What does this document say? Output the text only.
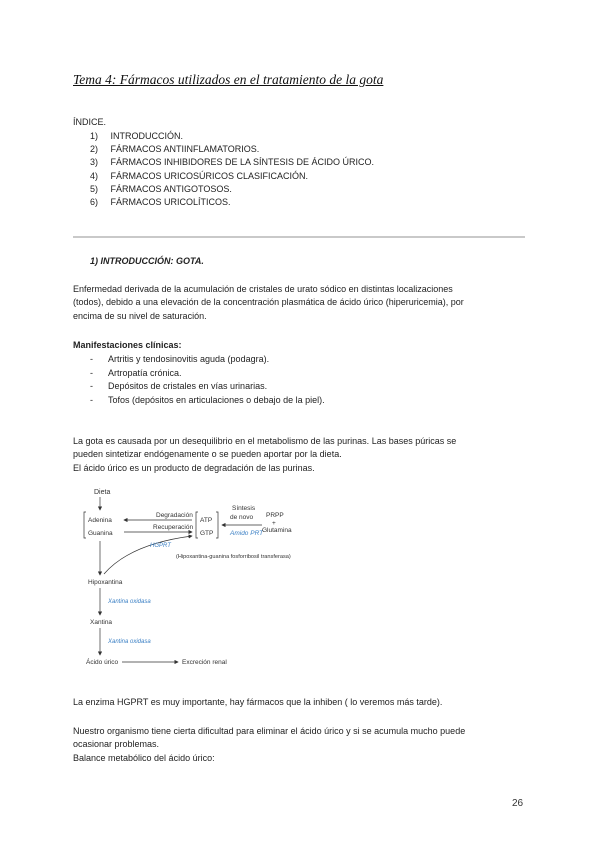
Tema 4: Fármacos utilizados en el tratamiento de la gota
ÍNDICE.
1) INTRODUCCIÓN.
2) FÁRMACOS ANTIINFLAMATORIOS.
3) FÁRMACOS INHIBIDORES DE LA SÍNTESIS DE ÁCIDO ÚRICO.
4) FÁRMACOS URICOSÚRICOS CLASIFICACIÓN.
5) FÁRMACOS ANTIGOTOSOS.
6) FÁRMACOS URICOLÍTICOS.
1) INTRODUCCIÓN: GOTA.
Enfermedad derivada de la acumulación de cristales de urato sódico en distintas localizaciones
(todos), debido a una elevación de la concentración plasmática de ácido úrico (hiperuricemia), por
encima de su nivel de saturación.
Manifestaciones clínicas:
- Artritis y tendosinovitis aguda (podagra).
- Artropatía crónica.
- Depósitos de cristales en vías urinarias.
- Tofos (depósitos en articulaciones o debajo de la piel).
La gota es causada por un desequilibrio en el metabolismo de las purinas. Las bases púricas se
pueden sintetizar endógenamente o se pueden aportar por la dieta.
El ácido úrico es un producto de degradación de las purinas.
Dieta
Adenina
Guanina
Degradación
Recuperación
ATP
GTP
Síntesis
de novo
Amido PRT
PRPP
+
Glutamina
HGPRT
(Hipoxantina-guanina fosforribosil transferasa)
Hipoxantina
Xantina oxidasa
Xantina
Xantina oxidasa
Ácido úrico	Excreción renal
La enzima HGPRT es muy importante, hay fármacos que la inhiben ( lo veremos más tarde).
Nuestro organismo tiene cierta dificultad para eliminar el ácido úrico y si se acumula mucho puede
ocasionar problemas.
Balance metabólico del ácido úrico:
26
